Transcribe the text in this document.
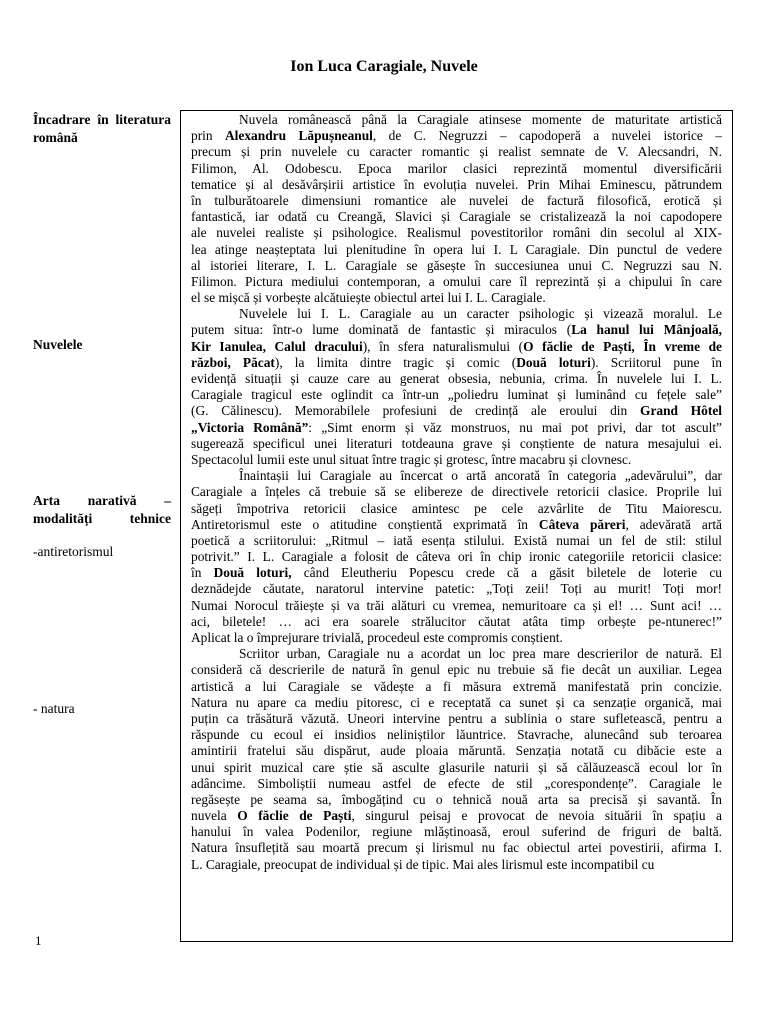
Ion Luca Caragiale, Nuvele
Încadrare în literatura română
Nuvelele
Arta narativă – modalități tehnice
-antiretorismul
- natura
Nuvela românească până la Caragiale atinsese momente de maturitate artistică
prin Alexandru Lăpușneanul, de C. Negruzzi – capodoperă a nuvelei istorice –
precum și prin nuvelele cu caracter romantic și realist semnate de V. Alecsandri, N.
Filimon, Al. Odobescu. Epoca marilor clasici reprezintă momentul diversificării
tematice și al desăvârșirii artistice în evoluția nuvelei. Prin Mihai Eminescu, pătrundem
în tulburătoarele dimensiuni romantice ale nuvelei de factură filosofică, erotică și
fantastică, iar odată cu Creangă, Slavici și Caragiale se cristalizează la noi capodopere
ale nuvelei realiste și psihologice. Realismul povestitorilor români din secolul al XIX-
lea atinge neașteptata lui plenitudine în opera lui I. L Caragiale. Din punctul de vedere
al istoriei literare, I. L. Caragiale se găsește în succesiunea unui C. Negruzzi sau N.
Filimon. Pictura mediului contemporan, a omului care îl reprezintă și a chipului în care
el se mișcă și vorbește alcătuiește obiectul artei lui I. L. Caragiale.
Nuvelele lui I. L. Caragiale au un caracter psihologic și vizează moralul. Le
putem situa: într-o lume dominată de fantastic și miraculos (La hanul lui Mânjoală,
Kir Ianulea, Calul dracului), în sfera naturalismului (O făclie de Paști, În vreme de
război, Păcat), la limita dintre tragic și comic (Două loturi). Scriitorul pune în
evidență situații și cauze care au generat obsesia, nebunia, crima. În nuvelele lui I. L.
Caragiale tragicul este oglindit ca într-un „poliedru luminat și luminând cu fețele sale”
(G. Călinescu). Memorabilele profesiuni de credință ale eroului din Grand Hôtel
„Victoria Română”: „Simt enorm și văz monstruos, nu mai pot privi, dar tot ascult”
sugerează specificul unei literaturi totdeauna grave și conștiente de natura mesajului ei.
Spectacolul lumii este unul situat între tragic și grotesc, între macabru și clovnesc.
Înaintașii lui Caragiale au încercat o artă ancorată în categoria „adevărului”, dar
Caragiale a înțeles că trebuie să se elibereze de directivele retoricii clasice. Proprile lui
săgeți împotriva retoricii clasice amintesc pe cele azvârlite de Titu Maiorescu.
Antiretorismul este o atitudine conștientă exprimată în Câteva păreri, adevărată artă
poetică a scriitorului: „Ritmul – iată esența stilului. Există numai un fel de stil: stilul
potrivit.” I. L. Caragiale a folosit de câteva ori în chip ironic categoriile retoricii clasice:
în Două loturi, când Eleutheriu Popescu crede că a găsit biletele de loterie cu
deznădejde căutate, naratorul intervine patetic: „Toți zeii! Toți au murit! Toți mor!
Numai Norocul trăiește și va trăi alături cu vremea, nemuritoare ca și el! … Sunt aci! …
aci, biletele! … aci era soarele strălucitor căutat atâta timp orbește pe-ntunerec!”
Aplicat la o împrejurare trivială, procedeul este compromis conștient.
Scriitor urban, Caragiale nu a acordat un loc prea mare descrierilor de natură. El
consideră că descrierile de natură în genul epic nu trebuie să fie decât un auxiliar. Legea
artistică a lui Caragiale se vădește a fi măsura extremă manifestată prin concizie.
Natura nu apare ca mediu pitoresc, ci e receptată ca sunet și ca senzație organică, mai
puțin ca trăsătură văzută. Uneori intervine pentru a sublinia o stare sufletească, pentru a
răspunde cu ecoul ei insidios neliniștilor lăuntrice. Stavrache, alunecând sub teroarea
amintirii fratelui său dispărut, aude ploaia măruntă. Senzația notată cu dibăcie este a
unui spirit muzical care știe să asculte glasurile naturii și să călăuzească ecoul lor în
adâncime. Simboliștii numeau astfel de efecte de stil „corespondențe”. Caragiale le
regăsește pe seama sa, îmbogățind cu o tehnică nouă arta sa precisă și savantă. În
nuvela O făclie de Paști, singurul peisaj e provocat de nevoia situării în spațiu a
hanului în valea Podenilor, regiune mlăștinoasă, eroul suferind de friguri de baltă.
Natura însuflețită sau moartă precum și lirismul nu fac obiectul artei povestirii, afirma I.
L. Caragiale, preocupat de individual și de tipic. Mai ales lirismul este incompatibil cu
1
